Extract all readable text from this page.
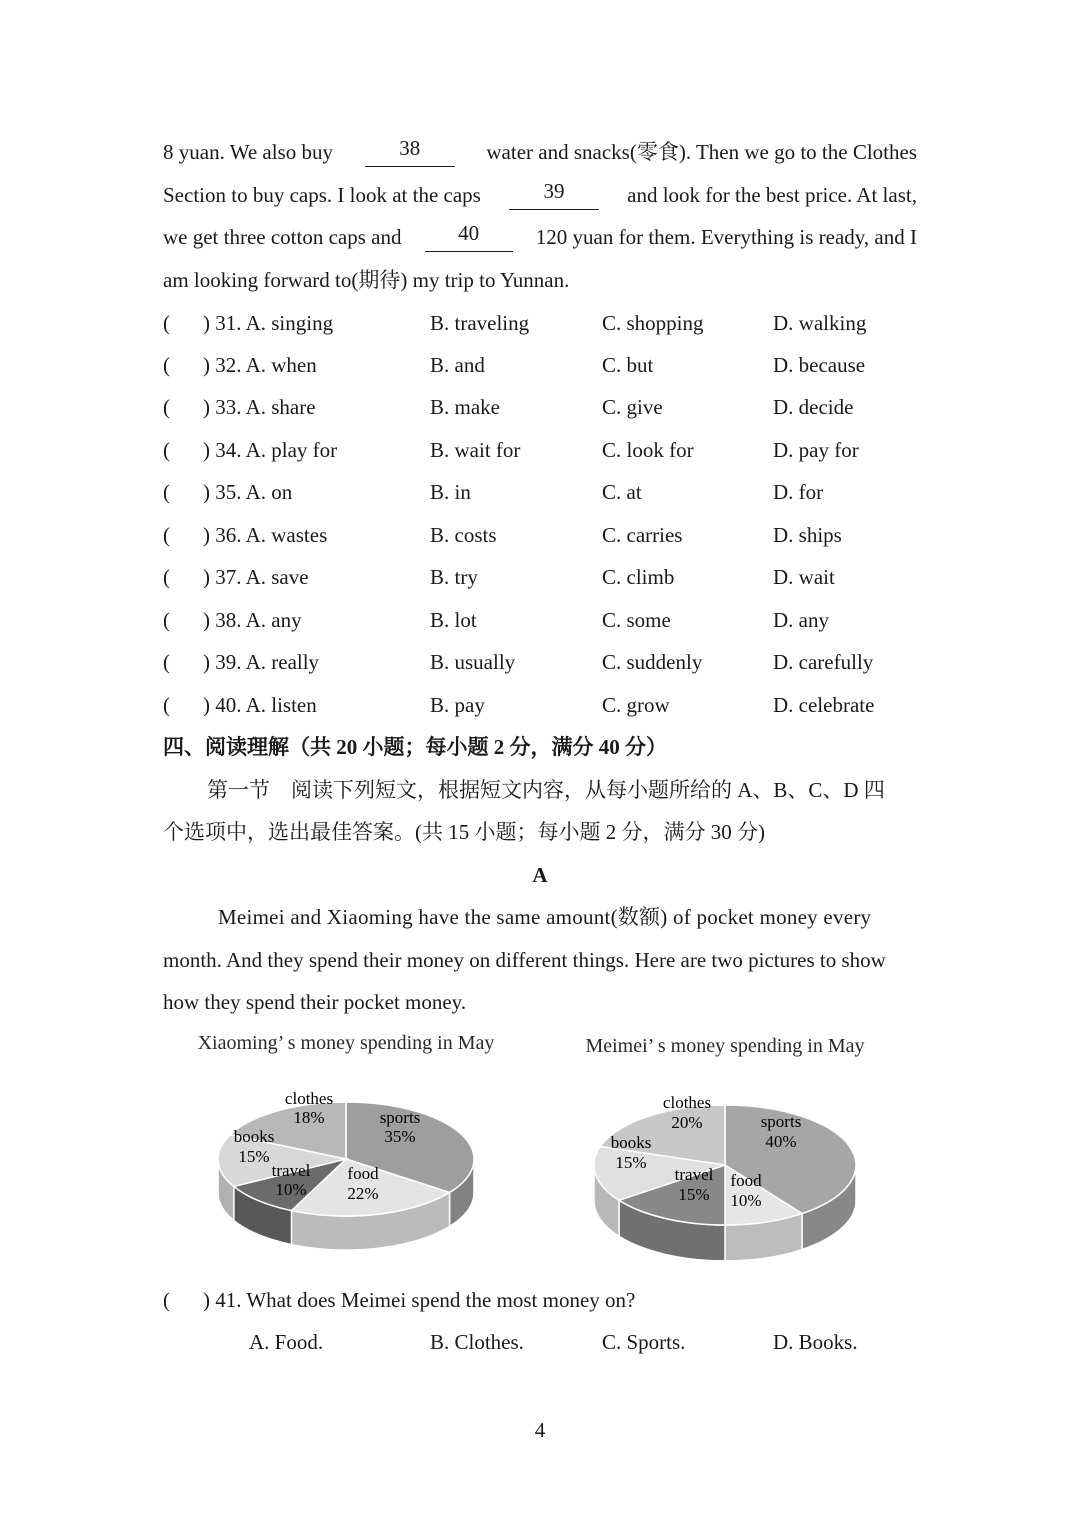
8 yuan. We also buy	38	water and snacks(零食). Then we go to the Clothes
Section to buy caps. I look at the caps	39	and look for the best price. At last,
we get three cotton caps and	40	120 yuan for them. Everything is ready, and I
am looking forward to(期待) my trip to Yunnan.
( ) 31. A. singing	B. traveling	C. shopping	D. walking
( ) 32. A. when	B. and	C. but	D. because
( ) 33. A. share	B. make	C. give	D. decide
( ) 34. A. play for	B. wait for	C. look for	D. pay for
( ) 35. A. on	B. in	C. at	D. for
( ) 36. A. wastes	B. costs	C. carries	D. ships
( ) 37. A. save	B. try	C. climb	D. wait
( ) 38. A. any	B. lot	C. some	D. any
( ) 39. A. really	B. usually	C. suddenly	D. carefully
( ) 40. A. listen	B. pay	C. grow	D. celebrate
四、阅读理解（共 20 小题；每小题 2 分，满分 40 分）
第一节　阅读下列短文，根据短文内容，从每小题所给的 A、B、C、D 四
个选项中，选出最佳答案。(共 15 小题；每小题 2 分，满分 30 分)
A
Meimei and Xiaoming have the same amount(数额) of pocket money every
month. And they spend their money on different things. Here are two pictures to show
how they spend their pocket money.
Xiaoming’ s money spending in May
sports
35%
food
22%
travel
10%
books
15%
clothes
18%
Meimei’ s money spending in May
sports
40%
food
10%
travel
15%
books
15%
clothes
20%
( ) 41. What does Meimei spend the most money on?
A. Food.	B. Clothes.	C. Sports.	D. Books.
4
